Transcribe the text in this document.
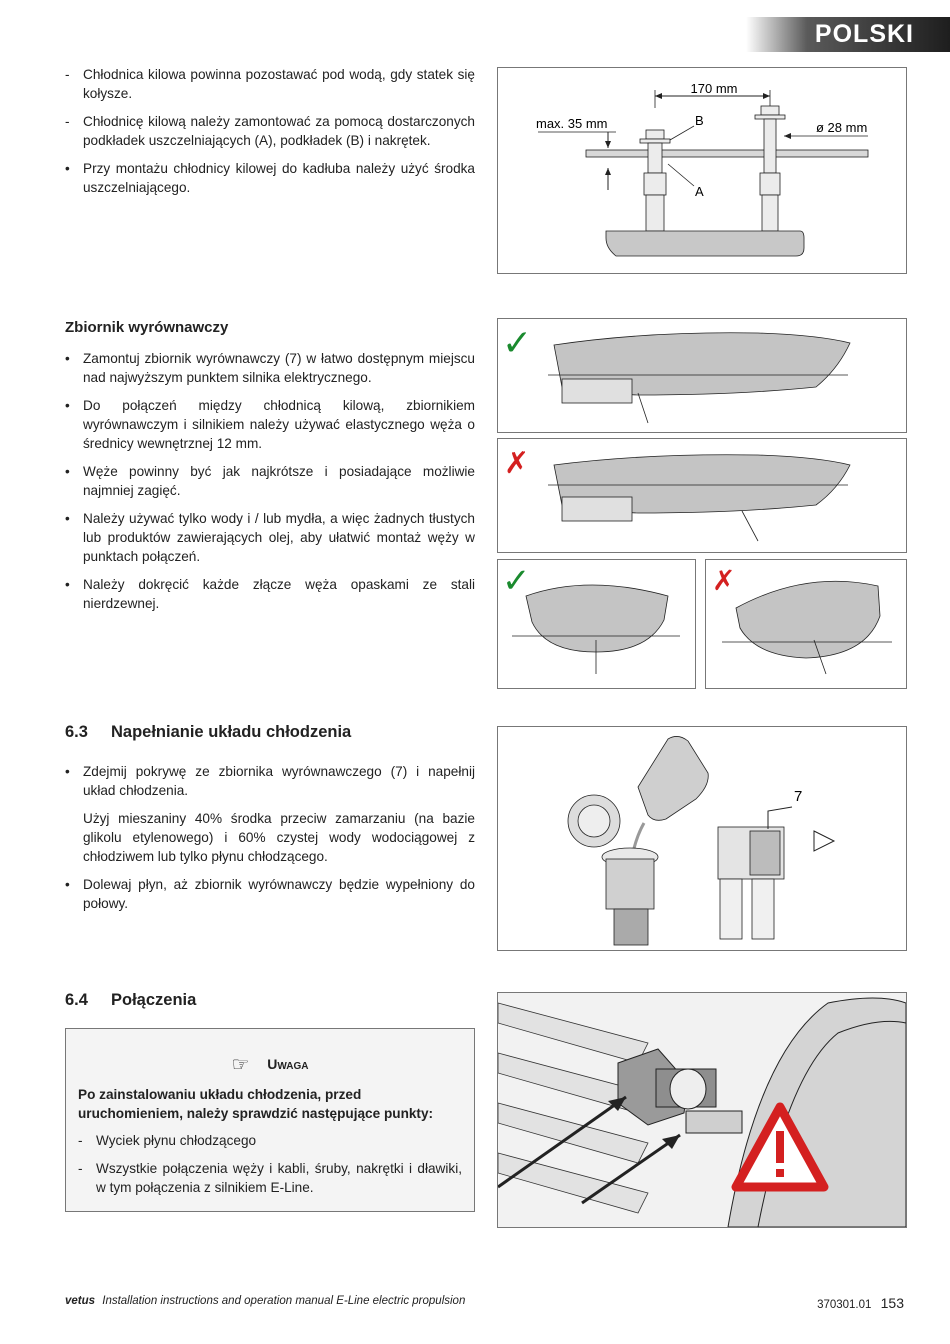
POLSKI
- Chłodnica kilowa powinna pozostawać pod wodą, gdy statek się kołysze.
- Chłodnicę kilową należy zamontować za pomocą dostarczonych podkładek uszczelniających (A), podkładek (B) i nakrętek.
• Przy montażu chłodnicy kilowej do kadłuba należy użyć środka uszczelniającego.
170 mm
max. 35 mm	ø 28 mm
B
A
Zbiornik wyrównawczy
• Zamontuj zbiornik wyrównawczy (7) w łatwo dostępnym miejscu nad najwyższym punktem silnika elektrycznego.
• Do połączeń między chłodnicą kilową, zbiornikiem wyrównawczym i silnikiem należy używać elastycznego węża o średnicy wewnętrznej 12 mm.
• Węże powinny być jak najkrótsze i posiadające możliwie najmniej zagięć.
• Należy używać tylko wody i / lub mydła, a więc żadnych tłustych lub produktów zawierających olej, aby ułatwić montaż węży w punktach połączeń.
• Należy dokręcić każde złącze węża opaskami ze stali nierdzewnej.
✓
✗
✓	✗
6.3 Napełnianie układu chłodzenia
• Zdejmij pokrywę ze zbiornika wyrównawczego (7) i napełnij układ chłodzenia.
Użyj mieszaniny 40% środka przeciw zamarzaniu (na bazie glikolu etylenowego) i 60% czystej wody wodociągowej z chłodziwem lub tylko płynu chłodzącego.
• Dolewaj płyn, aż zbiornik wyrównawczy będzie wypełniony do połowy.
7
6.4 Połączenia
☞ Uwaga
Po zainstalowaniu układu chłodzenia, przed uruchomieniem, należy sprawdzić następujące punkty:
- Wyciek płynu chłodzącego
- Wszystkie połączenia węży i kabli, śruby, nakrętki i dławiki, w tym połączenia z silnikiem E-Line.
vetus Installation instructions and operation manual E-Line electric propulsion	370301.01 153
